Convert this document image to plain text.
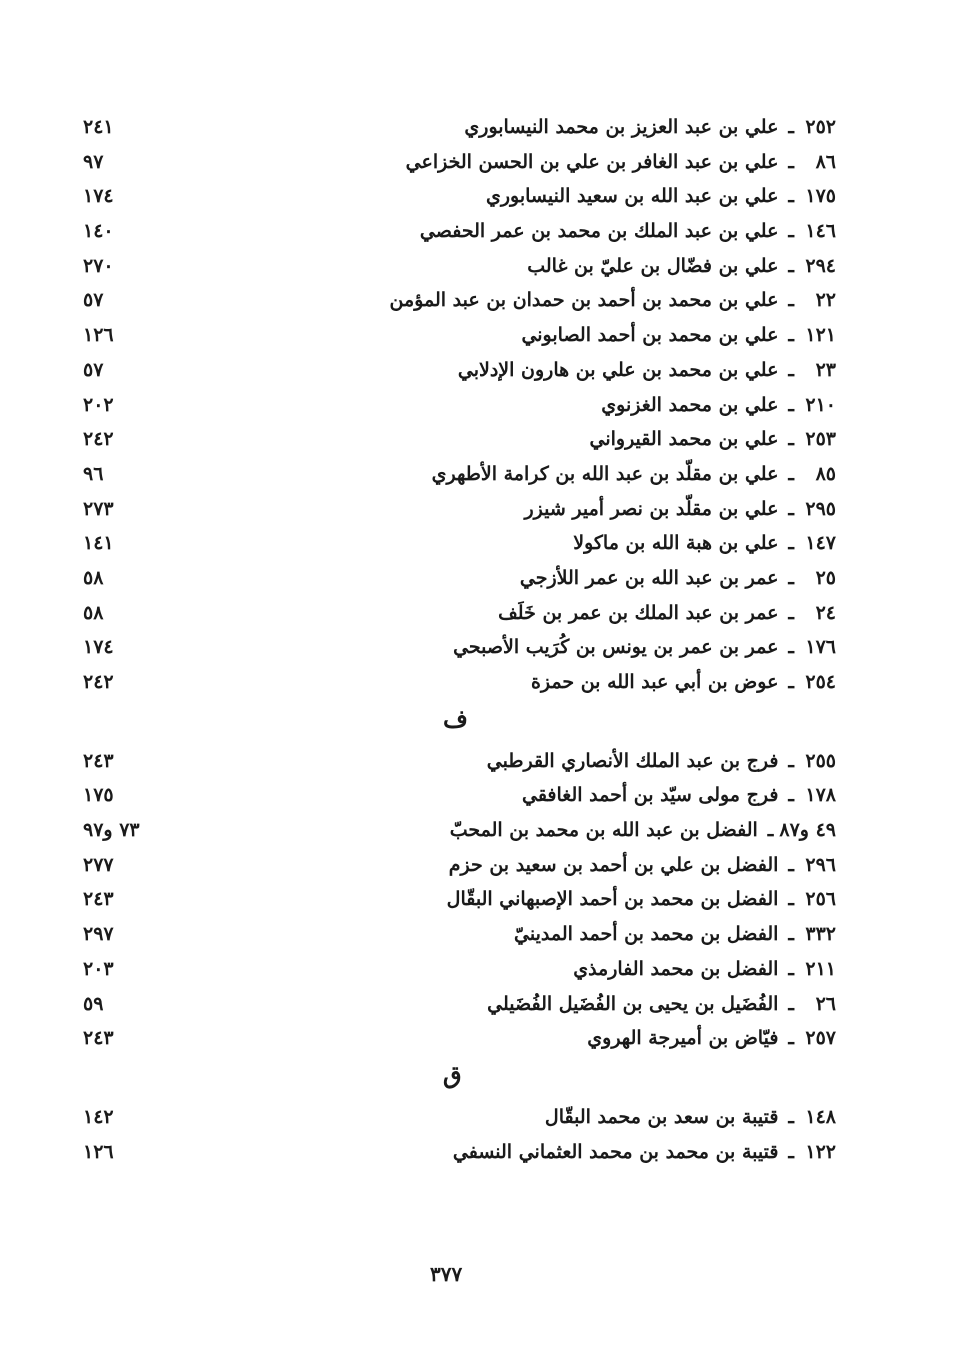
٢٥٢ـعلي بن عبد العزيز بن محمد النيسابوري
٢٤١
٨٦ـعلي بن عبد الغافر بن علي بن الحسن الخزاعي
٩٧
١٧٥ـعلي بن عبد الله بن سعيد النيسابوري
١٧٤
١٤٦ـعلي بن عبد الملك بن محمد بن عمر الحفصي
١٤٠
٢٩٤ـعلي بن فضّال بن عليّ بن غالب
٢٧٠
٢٢ـعلي بن محمد بن أحمد بن حمدان بن عبد المؤمن
٥٧
١٢١ـعلي بن محمد بن أحمد الصابوني
١٢٦
٢٣ـعلي بن محمد بن علي بن هارون الإدلابي
٥٧
٢١٠ـعلي بن محمد الغزنوي
٢٠٢
٢٥٣ـعلي بن محمد القيرواني
٢٤٢
٨٥ـعلي بن مقلّد بن عبد الله بن كرامة الأطهري
٩٦
٢٩٥ـعلي بن مقلّد بن نصر أمير شيزر
٢٧٣
١٤٧ـعلي بن هبة الله بن ماكولا
١٤١
٢٥ـعمر بن عبد الله بن عمر اللأزجي
٥٨
٢٤ـعمر بن عبد الملك بن عمر بن خَلَف
٥٨
١٧٦ـعمر بن عمر بن يونس بن كُرَيب الأصبحي
١٧٤
٢٥٤ـعوض بن أبي عبد الله بن حمزة
٢٤٢
ف
٢٥٥ـفرج بن عبد الملك الأنصاري القرطبي
٢٤٣
١٧٨ـفرج مولى سيّد بن أحمد الغافقي
١٧٥
٤٩ و٨٧ـالفضل بن عبد الله بن محمد بن المحبّ
٧٣ و٩٧
٢٩٦ـالفضل بن علي بن أحمد بن سعيد بن حزم
٢٧٧
٢٥٦ـالفضل بن محمد بن أحمد الإصبهاني البقّال
٢٤٣
٣٣٢ـالفضل بن محمد بن أحمد المدينيّ
٢٩٧
٢١١ـالفضل بن محمد الفارمذي
٢٠٣
٢٦ـالفُضَيل بن يحيى بن الفُضَيل الفُضَيلي
٥٩
٢٥٧ـفيّاض بن أميرجة الهروي
٢٤٣
ق
١٤٨ـقتيبة بن سعد بن محمد البقّال
١٤٢
١٢٢ـقتيبة بن محمد بن محمد العثماني النسفي
١٢٦
٣٧٧
